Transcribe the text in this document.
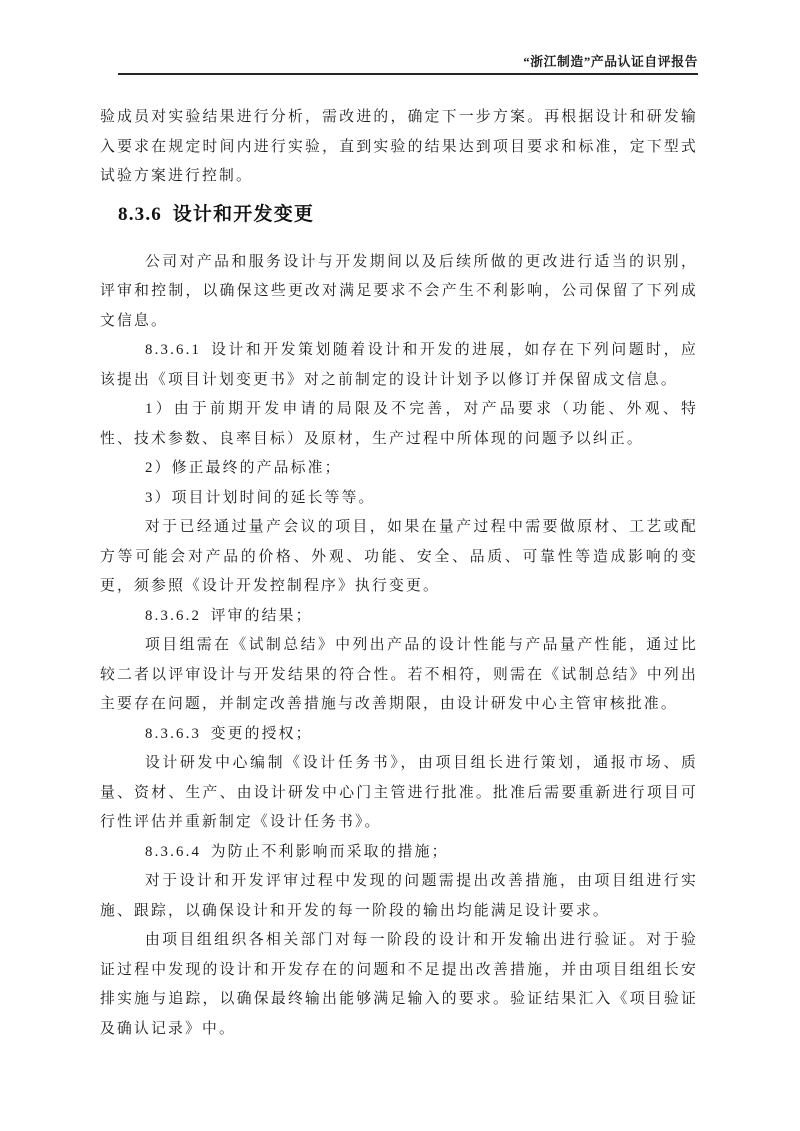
“浙江制造”产品认证自评报告

验成员对实验结果进行分析，需改进的，确定下一步方案。再根据设计和研发输入要求在规定时间内进行实验，直到实验的结果达到项目要求和标准，定下型式试验方案进行控制。

8.3.6 设计和开发变更

公司对产品和服务设计与开发期间以及后续所做的更改进行适当的识别，评审和控制，以确保这些更改对满足要求不会产生不利影响，公司保留了下列成文信息。

8.3.6.1 设计和开发策划随着设计和开发的进展，如存在下列问题时，应该提出《项目计划变更书》对之前制定的设计计划予以修订并保留成文信息。

1）由于前期开发申请的局限及不完善，对产品要求（功能、外观、特性、技术参数、良率目标）及原材，生产过程中所体现的问题予以纠正。

2）修正最终的产品标准；

3）项目计划时间的延长等等。

对于已经通过量产会议的项目，如果在量产过程中需要做原材、工艺或配方等可能会对产品的价格、外观、功能、安全、品质、可靠性等造成影响的变更，须参照《设计开发控制程序》执行变更。

8.3.6.2 评审的结果；

项目组需在《试制总结》中列出产品的设计性能与产品量产性能，通过比较二者以评审设计与开发结果的符合性。若不相符，则需在《试制总结》中列出主要存在问题，并制定改善措施与改善期限，由设计研发中心主管审核批准。

8.3.6.3 变更的授权；

设计研发中心编制《设计任务书》，由项目组长进行策划，通报市场、质量、资材、生产、由设计研发中心门主管进行批准。批准后需要重新进行项目可行性评估并重新制定《设计任务书》。

8.3.6.4 为防止不利影响而采取的措施；

对于设计和开发评审过程中发现的问题需提出改善措施，由项目组进行实施、跟踪，以确保设计和开发的每一阶段的输出均能满足设计要求。

由项目组组织各相关部门对每一阶段的设计和开发输出进行验证。对于验证过程中发现的设计和开发存在的问题和不足提出改善措施，并由项目组组长安排实施与追踪，以确保最终输出能够满足输入的要求。验证结果汇入《项目验证及确认记录》中。
